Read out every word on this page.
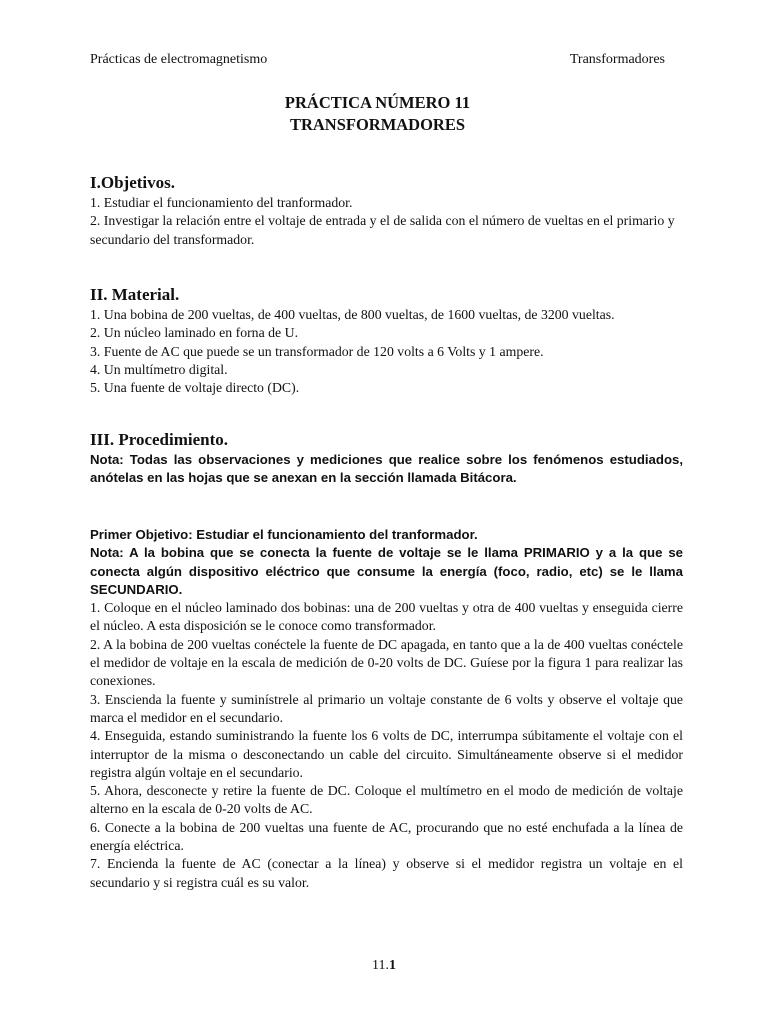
Prácticas de electromagnetismo	Transformadores
PRÁCTICA NÚMERO 11
TRANSFORMADORES
I.Objetivos.

1. Estudiar el funcionamiento del tranformador.

2. Investigar la relación entre el voltaje de entrada y el de salida con el número de vueltas en el primario y secundario del transformador.

II. Material.

1. Una bobina de 200 vueltas, de 400 vueltas, de 800 vueltas, de 1600 vueltas, de 3200 vueltas.

2. Un núcleo laminado en forna de U.

3. Fuente de AC que puede se un transformador de 120 volts a 6 Volts y 1 ampere.

4. Un multímetro digital.

5. Una fuente de voltaje directo (DC).

III. Procedimiento.

Nota: Todas las observaciones y mediciones que realice sobre los fenómenos estudiados, anótelas en las hojas que se anexan en la sección llamada Bitácora.

Primer Objetivo: Estudiar el funcionamiento del tranformador.

Nota: A la bobina que se conecta la fuente de voltaje se le llama PRIMARIO y a la que se conecta algún dispositivo eléctrico que consume la energía (foco, radio, etc) se le llama SECUNDARIO.

1. Coloque en el núcleo laminado dos bobinas: una de 200 vueltas y otra de 400 vueltas y enseguida cierre el núcleo. A esta disposición se le conoce como transformador.

2. A la bobina de 200 vueltas conéctele la fuente de DC apagada, en tanto que a la de 400 vueltas conéctele el medidor de voltaje en la escala de medición de 0-20 volts de DC. Guíese por la figura 1 para realizar las conexiones.

3. Enscienda la fuente y suminístrele al primario un voltaje constante de 6 volts y observe el voltaje que marca el medidor en el secundario.

4. Enseguida, estando suministrando la fuente los 6 volts de DC, interrumpa súbitamente el voltaje con el interruptor de la misma o desconectando un cable del circuito. Simultáneamente observe si el medidor registra algún voltaje en el secundario.

5. Ahora, desconecte y retire la fuente de DC. Coloque el multímetro en el modo de medición de voltaje alterno en la escala de 0-20 volts de AC.

6. Conecte a la bobina de 200 vueltas una fuente de AC, procurando que no esté enchufada a la línea de energía eléctrica.

7. Encienda la fuente de AC (conectar a la línea) y observe si el medidor registra un voltaje en el secundario y si registra cuál es su valor.

11.1
